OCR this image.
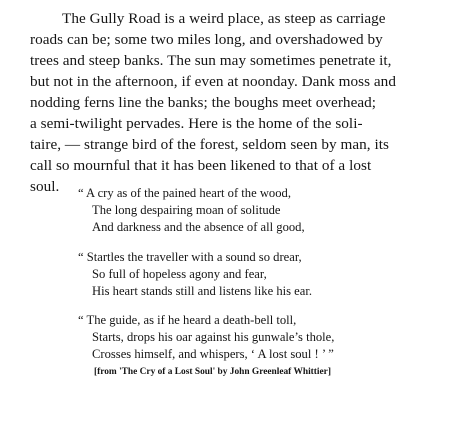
The Gully Road is a weird place, as steep as carriage
roads can be; some two miles long, and overshadowed by
trees and steep banks. The sun may sometimes penetrate it,
but not in the afternoon, if even at noonday. Dank moss and
nodding ferns line the banks; the boughs meet overhead;
a semi-twilight pervades. Here is the home of the soli-
taire, — strange bird of the forest, seldom seen by man, its
call so mournful that it has been likened to that of a lost
soul. “ A cry as of the pained heart of the wood,
The long despairing moan of solitude
And darkness and the absence of all good,
“ Startles the traveller with a sound so drear,
So full of hopeless agony and fear,
His heart stands still and listens like his ear.
“ The guide, as if he heard a death-bell toll,
Starts, drops his oar against his gunwale’s thole,
Crosses himself, and whispers, ‘ A lost soul ! ’ ”
[from 'The Cry of a Lost Soul' by John Greenleaf Whittier]
